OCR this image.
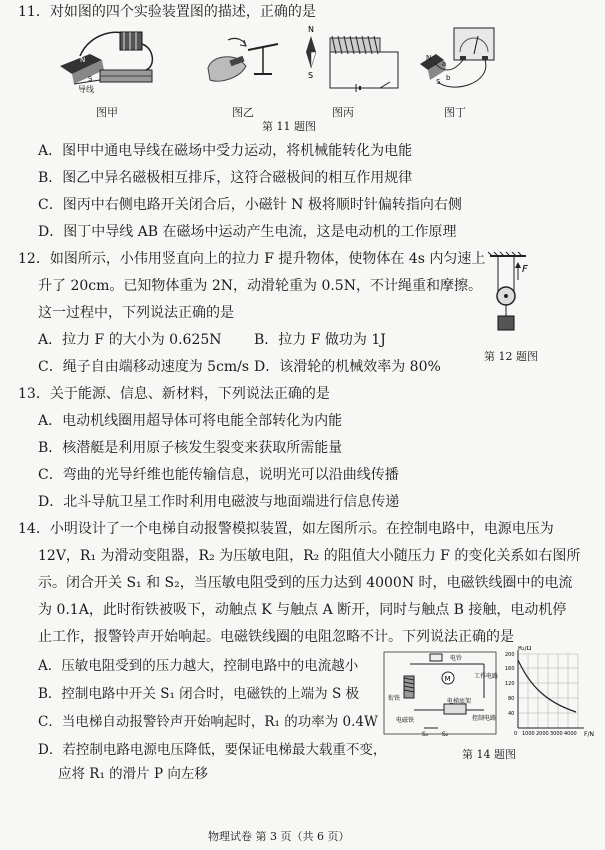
11．对如图的四个实验装置图的描述，正确的是
N
S
导线
图甲	图乙
N
S
图丙
N
S
a
b
图丁
第 11 题图
A．图甲中通电导线在磁场中受力运动，将机械能转化为电能
B．图乙中异名磁极相互排斥，这符合磁极间的相互作用规律
C．图丙中右侧电路开关闭合后，小磁针 N 极将顺时针偏转指向右侧
D．图丁中导线 AB 在磁场中运动产生电流，这是电动机的工作原理
12．如图所示，小伟用竖直向上的拉力 F 提升物体，使物体在 4s 内匀速上
升了 20cm。已知物体重为 2N，动滑轮重为 0.5N，不计绳重和摩擦。
这一过程中，下列说法正确的是
A．拉力 F 的大小为 0.625N B．拉力 F 做功为 1J
C．绳子自由端移动速度为 5cm/s D．该滑轮的机械效率为 80%
F
第 12 题图
13．关于能源、信息、新材料，下列说法正确的是
A．电动机线圈用超导体可将电能全部转化为内能
B．核潜艇是利用原子核发生裂变来获取所需能量
C．弯曲的光导纤维也能传输信息，说明光可以沿曲线传播
D．北斗导航卫星工作时利用电磁波与地面端进行信息传递
14．小明设计了一个电梯自动报警模拟装置，如左图所示。在控制电路中，电源电压为
12V，R₁ 为滑动变阻器，R₂ 为压敏电阻，R₂ 的阻值大小随压力 F 的变化关系如右图所
示。闭合开关 S₁ 和 S₂，当压敏电阻受到的压力达到 4000N 时，电磁铁线圈中的电流
为 0.1A，此时衔铁被吸下，动触点 K 与触点 A 断开，同时与触点 B 接触，电动机停
止工作，报警铃声开始响起。电磁铁线圈的电阻忽略不计。下列说法正确的是
A．压敏电阻受到的压力越大，控制电路中的电流越小
B．控制电路中开关 S₁ 闭合时，电磁铁的上端为 S 极
C．当电梯自动报警铃声开始响起时，R₁ 的功率为 0.4W
D．若控制电路电源电压降低，要保证电梯最大载重不变，
应将 R₁ 的滑片 P 向左移
M
电铃
工作电路
衔铁
电磁铁
电梯底架
控制电路
S₁ S₂
R₂/Ω
F/N
200
160
120
80
40
0 1000 2000 3000 4000
第 14 题图
物理试卷 第 3 页（共 6 页）
